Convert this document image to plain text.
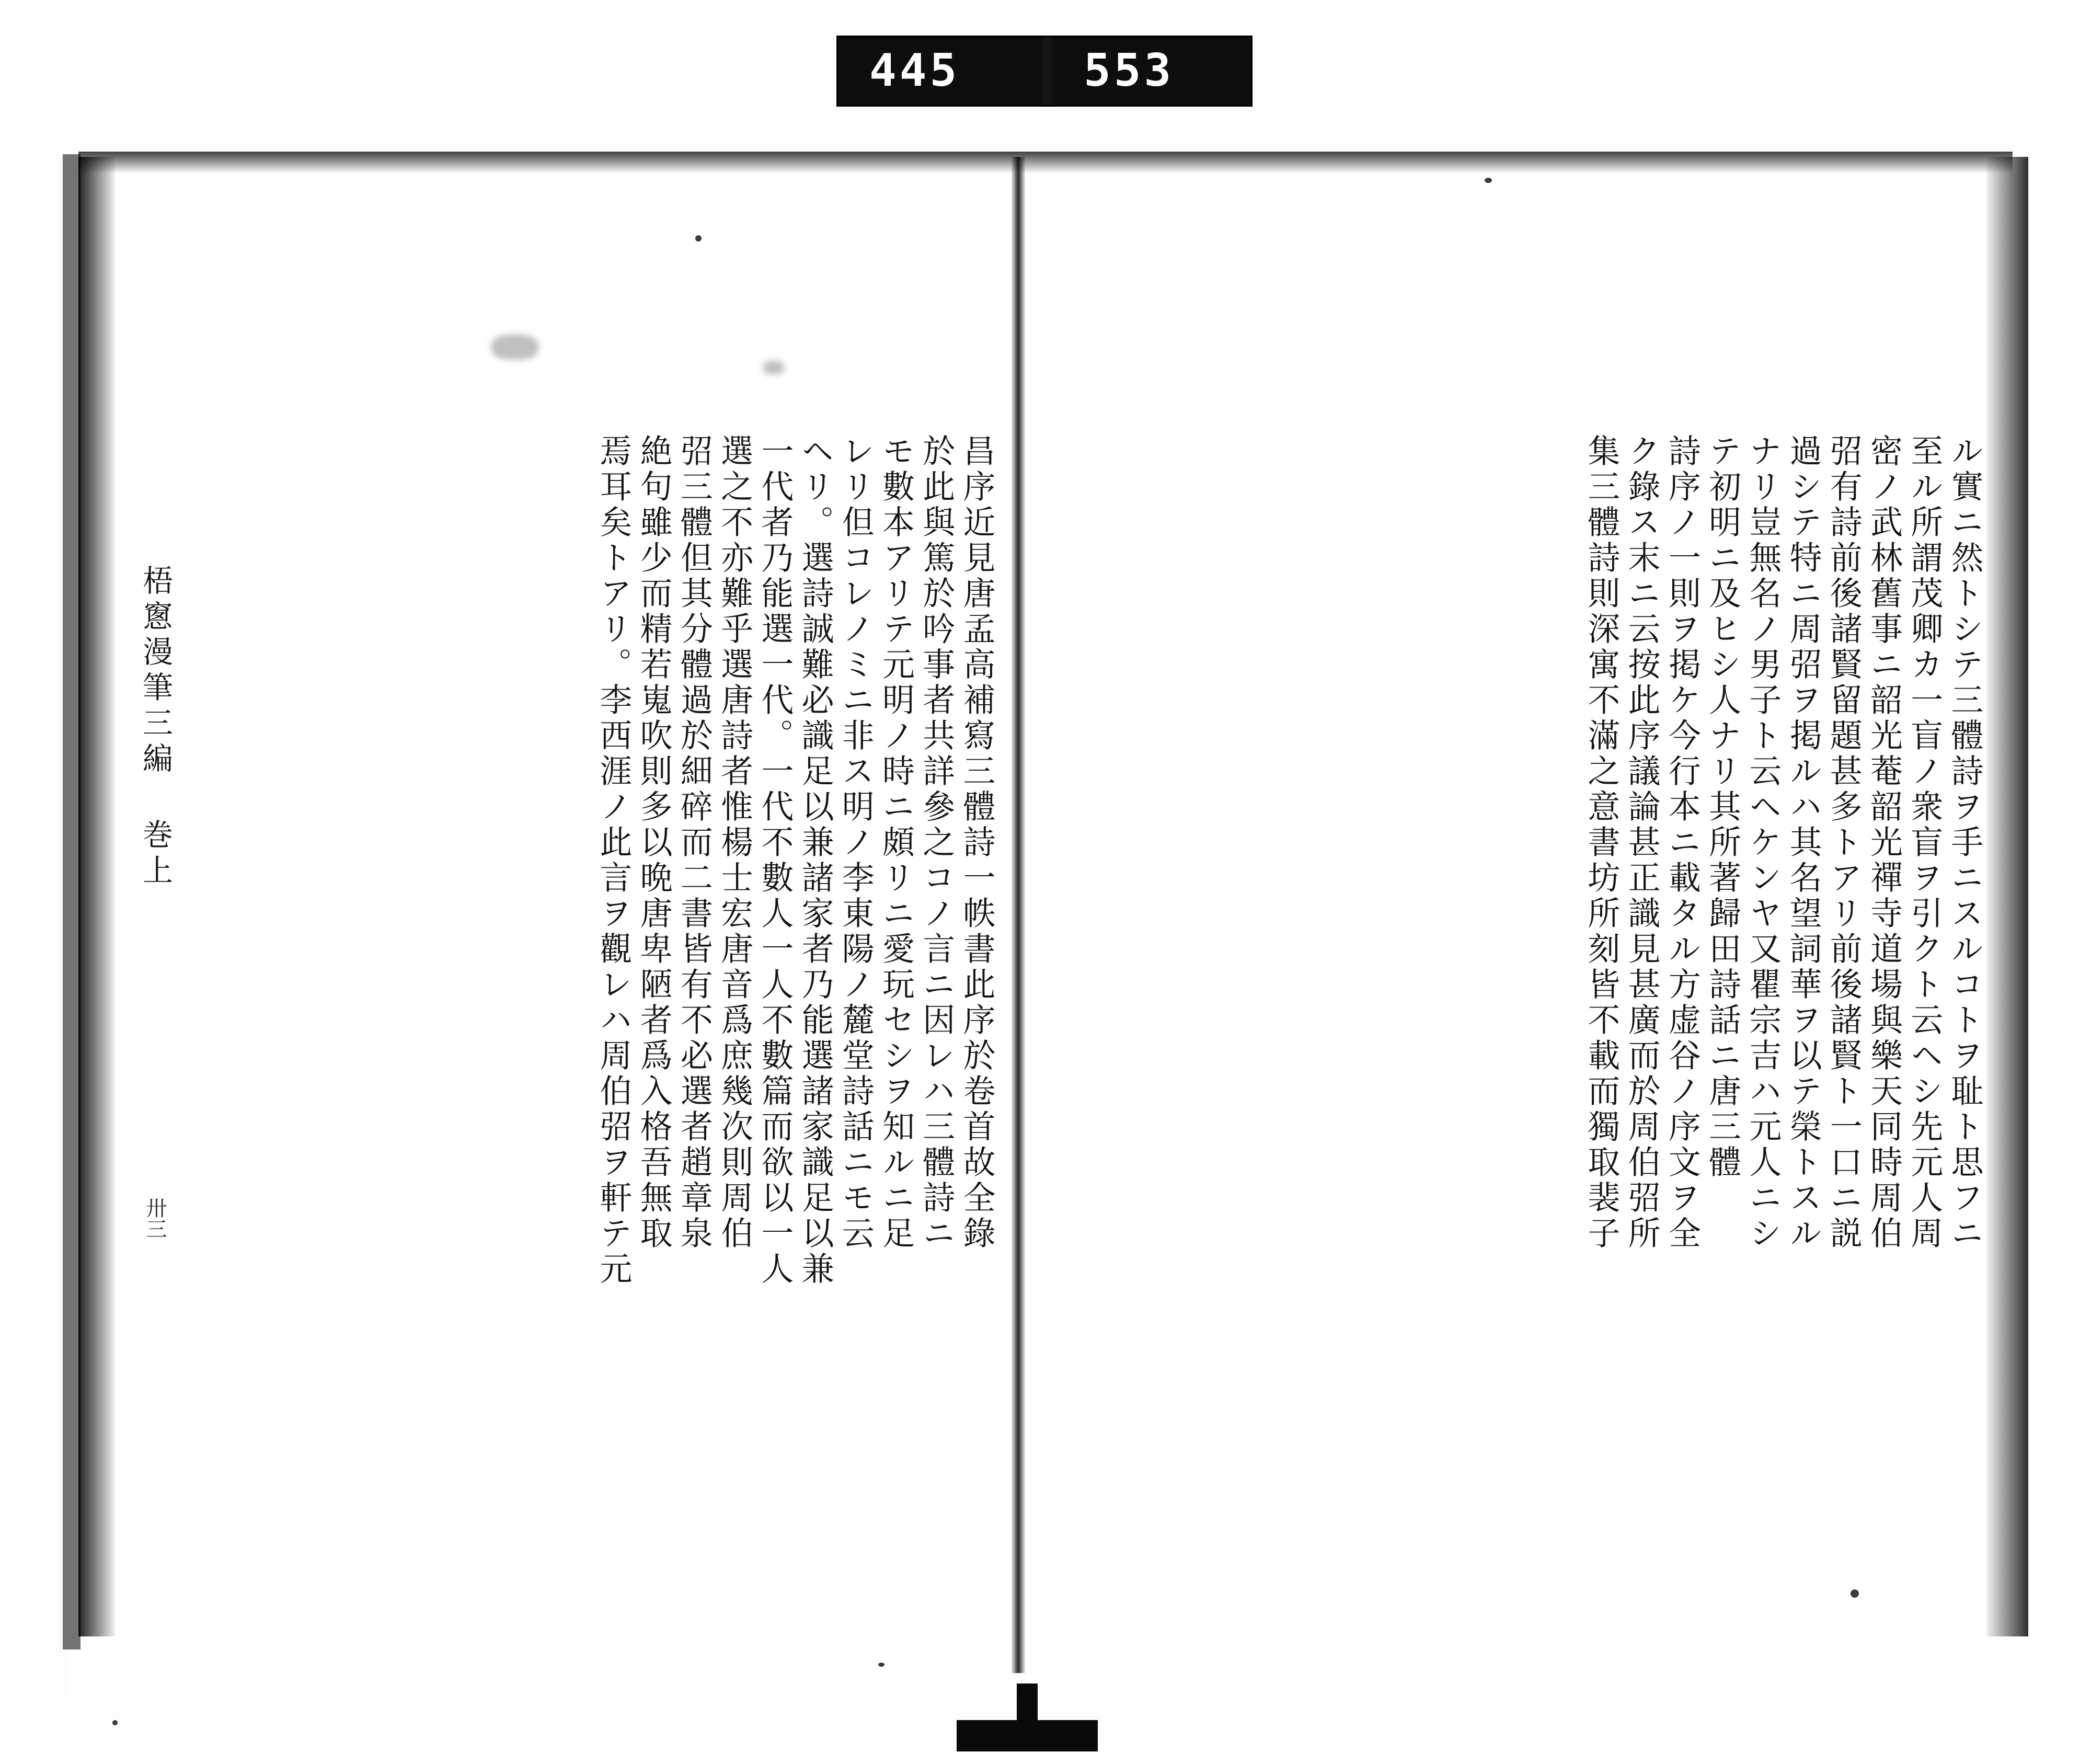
445	553
ル實ニ然トシテ三體詩ヲ手ニスルコトヲ耻ト思フニ
至ル所謂茂卿カ一盲ノ衆盲ヲ引クト云ヘシ先元人周
密ノ武林舊事ニ韶光菴韶光禪寺道場與樂天同時周伯
弨有詩前後諸賢留題甚多トアリ前後諸賢ト一口ニ説
過シテ特ニ周弨ヲ掲ルハ其名望詞華ヲ以テ榮トスル
ナリ豈無名ノ男子ト云ヘケンヤ又瞿宗吉ハ元人ニシ
テ初明ニ及ヒシ人ナリ其所著歸田詩話ニ唐三體
詩序ノ一則ヲ掲ケ今行本ニ載タル方虚谷ノ序文ヲ全
ク錄ス末ニ云按此序議論甚正識見甚廣而於周伯弨所
集三體詩則深寓不滿之意書坊所刻皆不載而獨取裴子
昌序近見唐孟高補寫三體詩一帙書此序於卷首故全錄
於此與篤於吟事者共詳參之コノ言ニ因レハ三體詩ニ
モ數本アリテ元明ノ時ニ頗リニ愛玩セシヲ知ルニ足
レリ但コレノミニ非ス明ノ李東陽ノ麓堂詩話ニモ云
ヘリ。選詩誠難必識足以兼諸家者乃能選諸家識足以兼
一代者乃能選一代。一代不數人一人不數篇而欲以一人
選之不亦難乎選唐詩者惟楊士宏唐音爲庶幾次則周伯
弨三體但其分體過於細碎而二書皆有不必選者趙章泉
絶句雖少而精若嵬吹則多以晩唐卑陋者爲入格吾無取
焉耳矣トアリ。李西涯ノ此言ヲ觀レハ周伯弨ヲ軒テ元
梧窻漫筆三編 巻上
卅三
